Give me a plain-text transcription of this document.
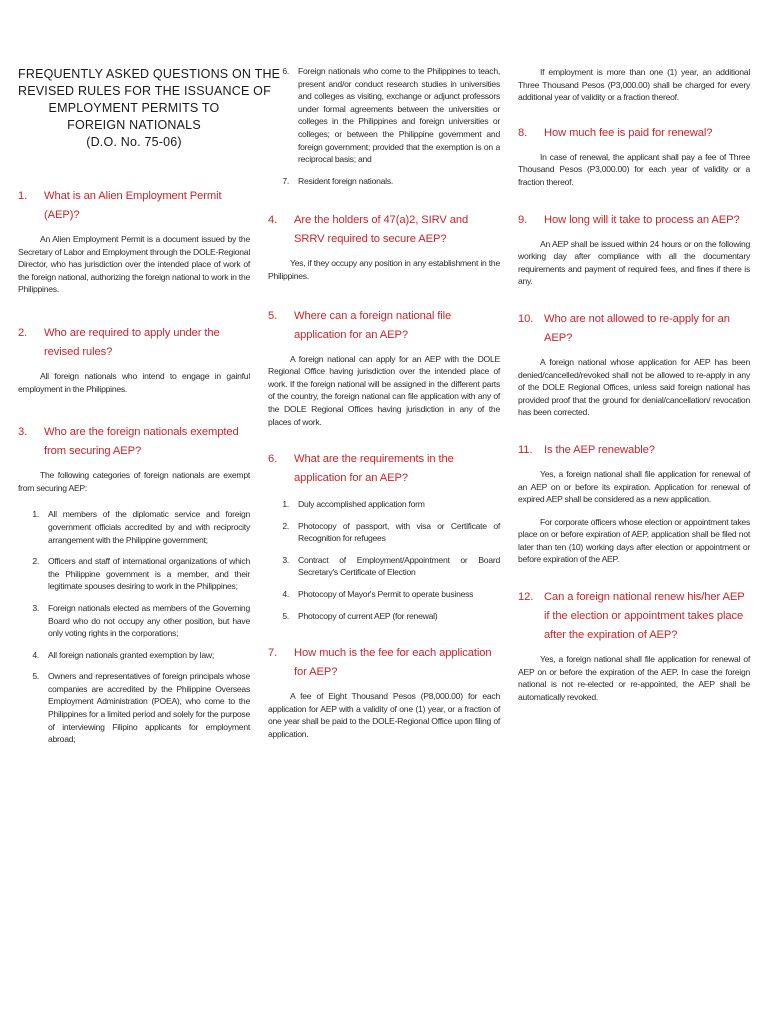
FREQUENTLY ASKED QUESTIONS ON THE
REVISED RULES FOR THE ISSUANCE OF
EMPLOYMENT PERMITS TO
FOREIGN NATIONALS
(D.O. No. 75-06)
1.	What is an Alien Employment Permit (AEP)?

An Alien Employment Permit is a document issued by the Secretary of Labor and Employment through the DOLE-Regional Director, who has jurisdiction over the intended place of work of the foreign national, authorizing the foreign national to work in the Philippines.

2.	Who are required to apply under the revised rules?

All foreign nationals who intend to engage in gainful employment in the Philippines.

3.	Who are the foreign nationals exempted from securing AEP?

The following categories of foreign nationals are exempt from securing AEP:

1.	All members of the diplomatic service and foreign government officials accredited by and with reciprocity arrangement with the Philippine government;
2.	Officers and staff of international organizations of which the Philippine government is a member, and their legitimate spouses desiring to work in the Philippines;
3.	Foreign nationals elected as members of the Governing Board who do not occupy any other position, but have only voting rights in the corporations;
4.	All foreign nationals granted exemption by law;
5.	Owners and representatives of foreign principals whose companies are accredited by the Philippine Overseas Employment Administration (POEA), who come to the Philippines for a limited period and solely for the purpose of interviewing Filipino applicants for employment abroad;
6.	Foreign nationals who come to the Philippines to teach, present and/or conduct research studies in universities and colleges as visiting, exchange or adjunct professors under formal agreements between the universities or colleges in the Philippines and foreign universities or colleges; or between the Philippine government and foreign government; provided that the exemption is on a reciprocal basis; and
7.	Resident foreign nationals.
4.	Are the holders of 47(a)2, SIRV and SRRV required to secure AEP?

Yes, if they occupy any position in any establishment in the Philippines.

5.	Where can a foreign national file application for an AEP?

A foreign national can apply for an AEP with the DOLE Regional Office having jurisdiction over the intended place of work. If the foreign national will be assigned in the different parts of the country, the foreign national can file application with any of the DOLE Regional Offices having jurisdiction in any of the places of work.

6.	What are the requirements in the application for an AEP?
1.	Duly accomplished application form
2.	Photocopy of passport, with visa or Certificate of Recognition for refugees
3.	Contract of Employment/Appointment or Board Secretary's Certificate of Election
4.	Photocopy of Mayor's Permit to operate business
5.	Photocopy of current AEP (for renewal)
7.	How much is the fee for each application for AEP?

A fee of Eight Thousand Pesos (P8,000.00) for each application for AEP with a validity of one (1) year, or a fraction of one year shall be paid to the DOLE-Regional Office upon filing of application.

If employment is more than one (1) year, an additional Three Thousand Pesos (P3,000.00) shall be charged for every additional year of validity or a fraction thereof.

8.	How much fee is paid for renewal?

In case of renewal, the applicant shall pay a fee of Three Thousand Pesos (P3,000.00) for each year of validity or a fraction thereof.

9.	How long will it take to process an AEP?

An AEP shall be issued within 24 hours or on the following working day after compliance with all the documentary requirements and payment of required fees, and fines if there is any.

10. Who are not allowed to re-apply for an AEP?

A foreign national whose application for AEP has been denied/cancelled/revoked shall not be allowed to re-apply in any of the DOLE Regional Offices, unless said foreign national has provided proof that the ground for denial/cancellation/ revocation has been corrected.

11.	Is the AEP renewable?

Yes, a foreign national shall file application for renewal of an AEP on or before its expiration. Application for renewal of expired AEP shall be considered as a new application.

For corporate officers whose election or appointment takes place on or before expiration of AEP, application shall be filed not later than ten (10) working days after election or appointment or before expiration of the AEP.

12. Can a foreign national renew his/her AEP if the election or appointment takes place after the expiration of AEP?

Yes, a foreign national shall file application for renewal of AEP on or before the expiration of the AEP. In case the foreign national is not re-elected or re-appointed, the AEP shall be automatically revoked.
